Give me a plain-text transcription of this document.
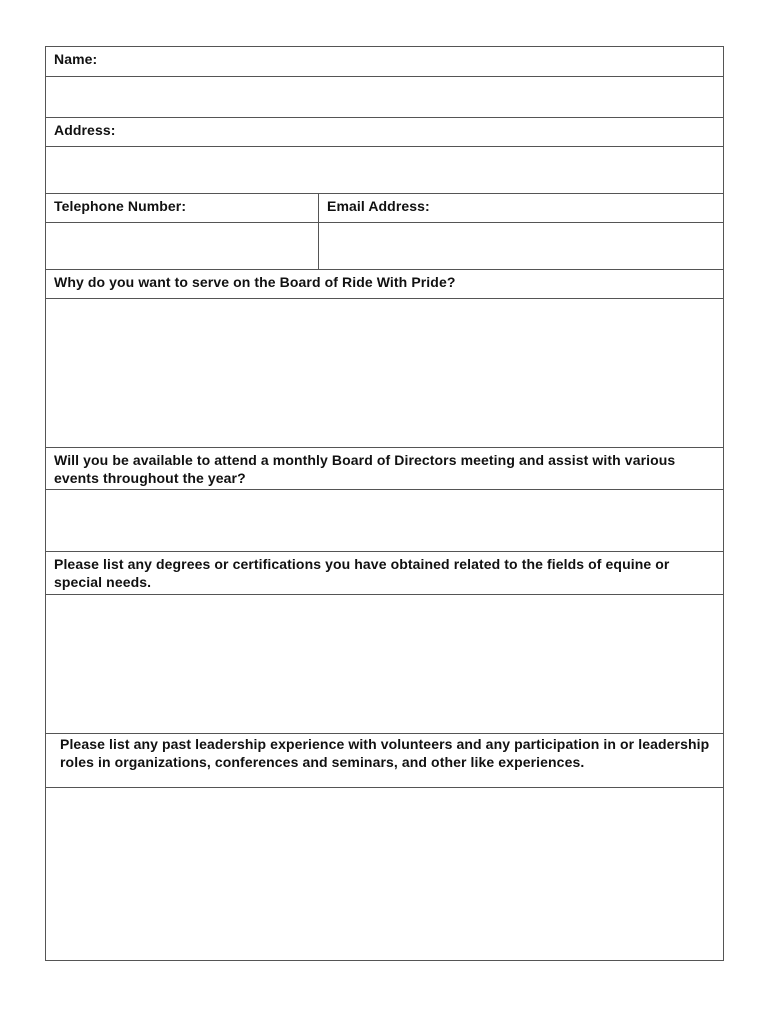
Name:
Address:
Telephone Number:	Email Address:
Why do you want to serve on the Board of Ride With Pride?
Will you be available to attend a monthly Board of Directors meeting and assist with various events throughout the year?
Please list any degrees or certifications you have obtained related to the fields of equine or special needs.
Please list any past leadership experience with volunteers and any participation in or leadership roles in organizations, conferences and seminars, and other like experiences.
